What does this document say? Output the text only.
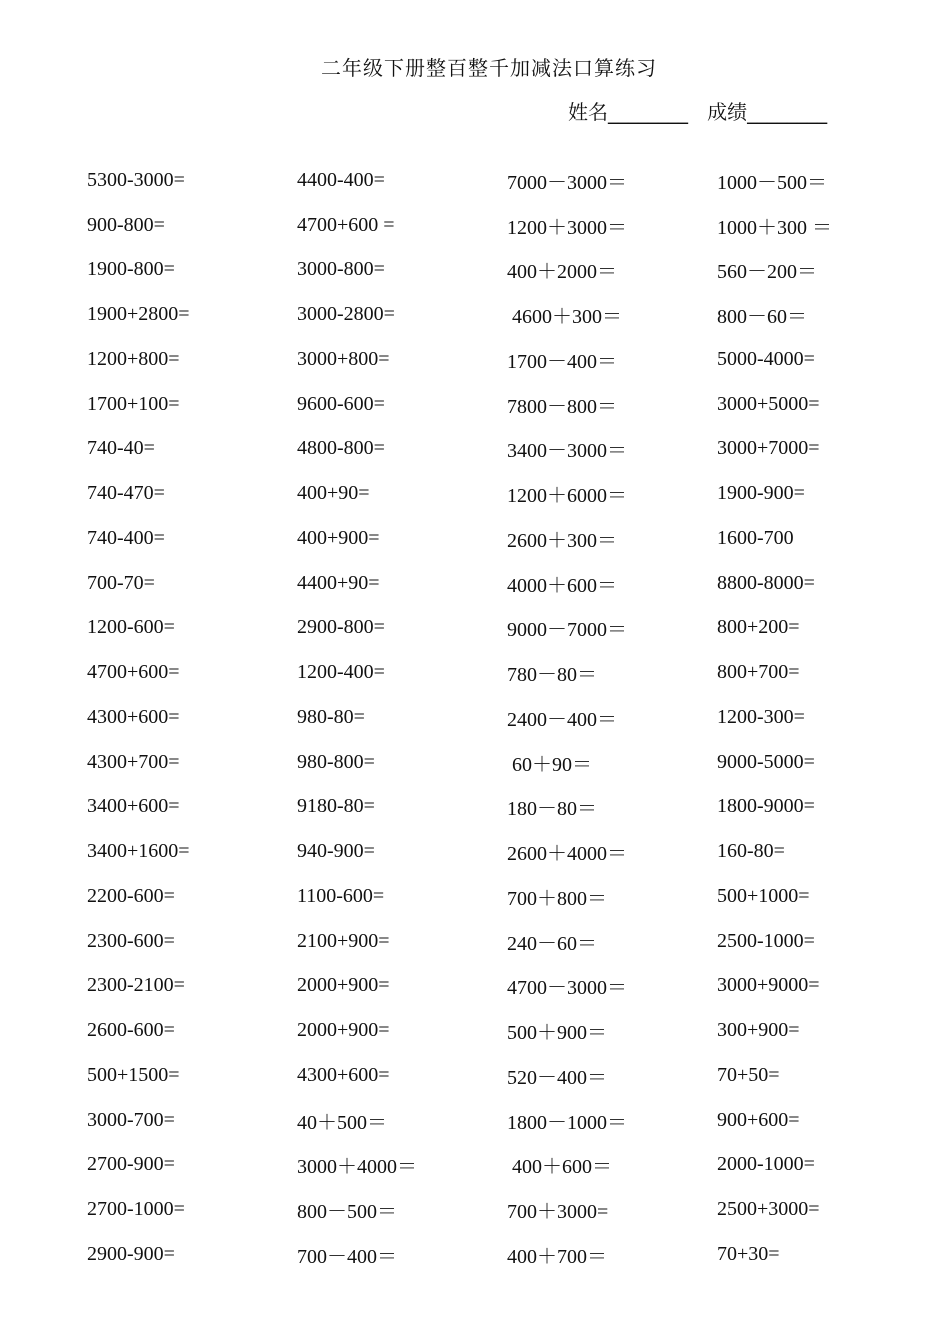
二年级下册整百整千加减法口算练习
姓名________ 成绩________
5300-3000=	4400-400=	7000－3000＝	1000－500＝
900-800=	4700+600 =	1200＋3000＝	1000＋300 ＝
1900-800=	3000-800=	400＋2000＝	560－200＝
1900+2800=	3000-2800=	4600＋300＝	800－60＝
1200+800=	3000+800=	1700－400＝	5000-4000=
1700+100=	9600-600=	7800－800＝	3000+5000=
740-40=	4800-800=	3400－3000＝	3000+7000=
740-470=	400+90=	1200＋6000＝	1900-900=
740-400=	400+900=	2600＋300＝	1600-700
700-70=	4400+90=	4000＋600＝	8800-8000=
1200-600=	2900-800=	9000－7000＝	800+200=
4700+600=	1200-400=	780－80＝	800+700=
4300+600=	980-80=	2400－400＝	1200-300=
4300+700=	980-800=	60＋90＝	9000-5000=
3400+600=	9180-80=	180－80＝	1800-9000=
3400+1600=	940-900=	2600＋4000＝	160-80=
2200-600=	1100-600=	700＋800＝	500+1000=
2300-600=	2100+900=	240－60＝	2500-1000=
2300-2100=	2000+900=	4700－3000＝	3000+9000=
2600-600=	2000+900=	500＋900＝	300+900=
500+1500=	4300+600=	520－400＝	70+50=
3000-700=	40＋500＝	1800－1000＝	900+600=
2700-900=	3000＋4000＝	400＋600＝	2000-1000=
2700-1000=	800－500＝	700＋3000=	2500+3000=
2900-900=	700－400＝	400＋700＝	70+30=
